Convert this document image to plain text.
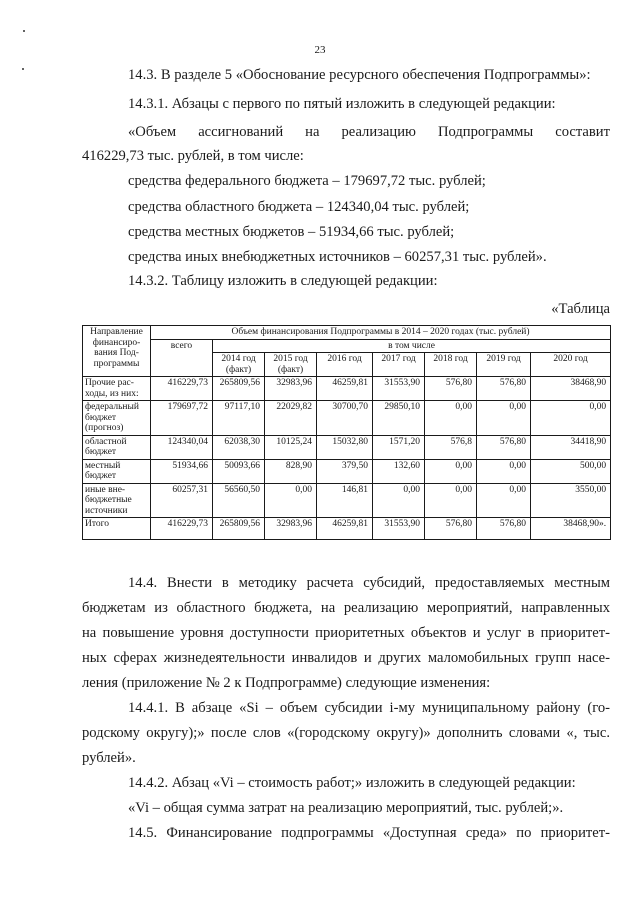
23
14.3. В разделе 5 «Обоснование ресурсного обеспечения Подпрограммы»:
14.3.1. Абзацы с первого по пятый изложить в следующей редакции:
«Объем ассигнований на реализацию Подпрограммы составит
416229,73 тыс. рублей, в том числе:
средства федерального бюджета – 179697,72 тыс. рублей;
средства областного бюджета – 124340,04 тыс. рублей;
средства местных бюджетов – 51934,66 тыс. рублей;
средства иных внебюджетных источников – 60257,31 тыс. рублей».
14.3.2. Таблицу изложить в следующей редакции:
«Таблица
Направление финансиро-вания Под-программы	Объем финансирования Подпрограммы в 2014 – 2020 годах (тыс. рублей)							
	всего	в том числе						
		2014 год (факт)	2015 год (факт)	2016 год	2017 год	2018 год	2019 год	2020 год
Прочие рас-ходы, из них:	416229,73	265809,56	32983,96	46259,81	31553,90	576,80	576,80	38468,90
федеральный бюджет (прогноз)	179697,72	97117,10	22029,82	30700,70	29850,10	0,00	0,00	0,00
областной бюджет	124340,04	62038,30	10125,24	15032,80	1571,20	576,8	576,80	34418,90
местный бюджет	51934,66	50093,66	828,90	379,50	132,60	0,00	0,00	500,00
иные вне-бюджетные источники	60257,31	56560,50	0,00	146,81	0,00	0,00	0,00	3550,00
Итого	416229,73	265809,56	32983,96	46259,81	31553,90	576,80	576,80	38468,90».
14.4. Внести в методику расчета субсидий, предоставляемых местным
бюджетам из областного бюджета, на реализацию мероприятий, направленных
на повышение уровня доступности приоритетных объектов и услуг в приоритет-
ных сферах жизнедеятельности инвалидов и других маломобильных групп насе-
ления (приложение № 2 к Подпрограмме) следующие изменения:
14.4.1. В абзаце «Si – объем субсидии i-му муниципальному району (го-
родскому округу);» после слов «(городскому округу)» дополнить словами «, тыс.
рублей».
14.4.2. Абзац «Vi – стоимость работ;» изложить в следующей редакции:
«Vi – общая сумма затрат на реализацию мероприятий, тыс. рублей;».
14.5. Финансирование подпрограммы «Доступная среда» по приоритет-
